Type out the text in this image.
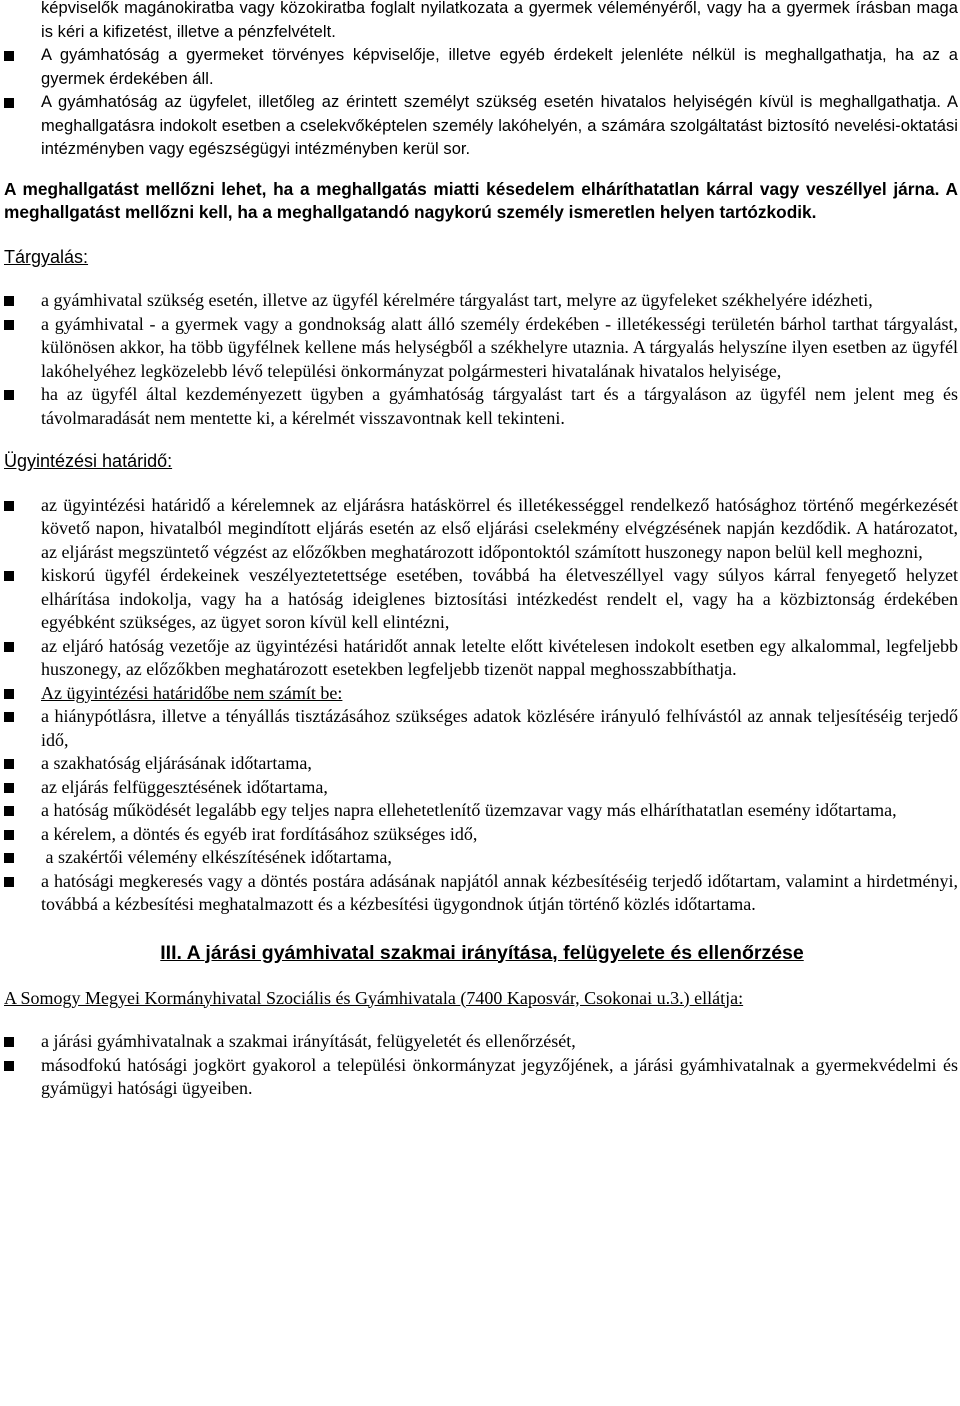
képviselők magánokiratba vagy közokiratba foglalt nyilatkozata a gyermek véleményéről, vagy ha a gyermek írásban maga is kéri a kifizetést, illetve a pénzfelvételt.
A gyámhatóság a gyermeket törvényes képviselője, illetve egyéb érdekelt jelenléte nélkül is meghallgathatja, ha az a gyermek érdekében áll.
A gyámhatóság az ügyfelet, illetőleg az érintett személyt szükség esetén hivatalos helyiségén kívül is meghallgathatja. A meghallgatásra indokolt esetben a cselekvőképtelen személy lakóhelyén, a számára szolgáltatást biztosító nevelési-oktatási intézményben vagy egészségügyi intézményben kerül sor.
A meghallgatást mellőzni lehet, ha a meghallgatás miatti késedelem elháríthatatlan kárral vagy veszéllyel járna. A meghallgatást mellőzni kell, ha a meghallgatandó nagykorú személy ismeretlen helyen tartózkodik.
Tárgyalás:
a gyámhivatal szükség esetén, illetve az ügyfél kérelmére tárgyalást tart, melyre az ügyfeleket székhelyére idézheti,
a gyámhivatal - a gyermek vagy a gondnokság alatt álló személy érdekében - illetékességi területén bárhol tarthat tárgyalást, különösen akkor, ha több ügyfélnek kellene más helységből a székhelyre utaznia. A tárgyalás helyszíne ilyen esetben az ügyfél lakóhelyéhez legközelebb lévő települési önkormányzat polgármesteri hivatalának hivatalos helyisége,
ha az ügyfél által kezdeményezett ügyben a gyámhatóság tárgyalást tart és a tárgyaláson az ügyfél nem jelent meg és távolmaradását nem mentette ki, a kérelmét visszavontnak kell tekinteni.
Ügyintézési határidő:
az ügyintézési határidő a kérelemnek az eljárásra hatáskörrel és illetékességgel rendelkező hatósághoz történő megérkezését követő napon, hivatalból megindított eljárás esetén az első eljárási cselekmény elvégzésének napján kezdődik. A határozatot, az eljárást megszüntető végzést az előzőkben meghatározott időpontoktól számított huszonegy napon belül kell meghozni,
kiskorú ügyfél érdekeinek veszélyeztetettsége esetében, továbbá ha életveszéllyel vagy súlyos kárral fenyegető helyzet elhárítása indokolja, vagy ha a hatóság ideiglenes biztosítási intézkedést rendelt el, vagy ha a közbiztonság érdekében egyébként szükséges, az ügyet soron kívül kell elintézni,
az eljáró hatóság vezetője az ügyintézési határidőt annak letelte előtt kivételesen indokolt esetben egy alkalommal, legfeljebb huszonegy, az előzőkben meghatározott esetekben legfeljebb tizenöt nappal meghosszabbíthatja.
Az ügyintézési határidőbe nem számít be:
a hiánypótlásra, illetve a tényállás tisztázásához szükséges adatok közlésére irányuló felhívástól az annak teljesítéséig terjedő idő,
a szakhatóság eljárásának időtartama,
az eljárás felfüggesztésének időtartama,
a hatóság működését legalább egy teljes napra ellehetetlenítő üzemzavar vagy más elháríthatatlan esemény időtartama,
a kérelem, a döntés és egyéb irat fordításához szükséges idő,
a szakértői vélemény elkészítésének időtartama,
a hatósági megkeresés vagy a döntés postára adásának napjától annak kézbesítéséig terjedő időtartam, valamint a hirdetményi, továbbá a kézbesítési meghatalmazott és a kézbesítési ügygondnok útján történő közlés időtartama.
III. A járási gyámhivatal szakmai irányítása, felügyelete és ellenőrzése
A Somogy Megyei Kormányhivatal Szociális és Gyámhivatala (7400 Kaposvár, Csokonai u.3.) ellátja:
a járási gyámhivatalnak a szakmai irányítását, felügyeletét és ellenőrzését,
másodfokú hatósági jogkört gyakorol a települési önkormányzat jegyzőjének, a járási gyámhivatalnak a gyermekvédelmi és gyámügyi hatósági ügyeiben.
